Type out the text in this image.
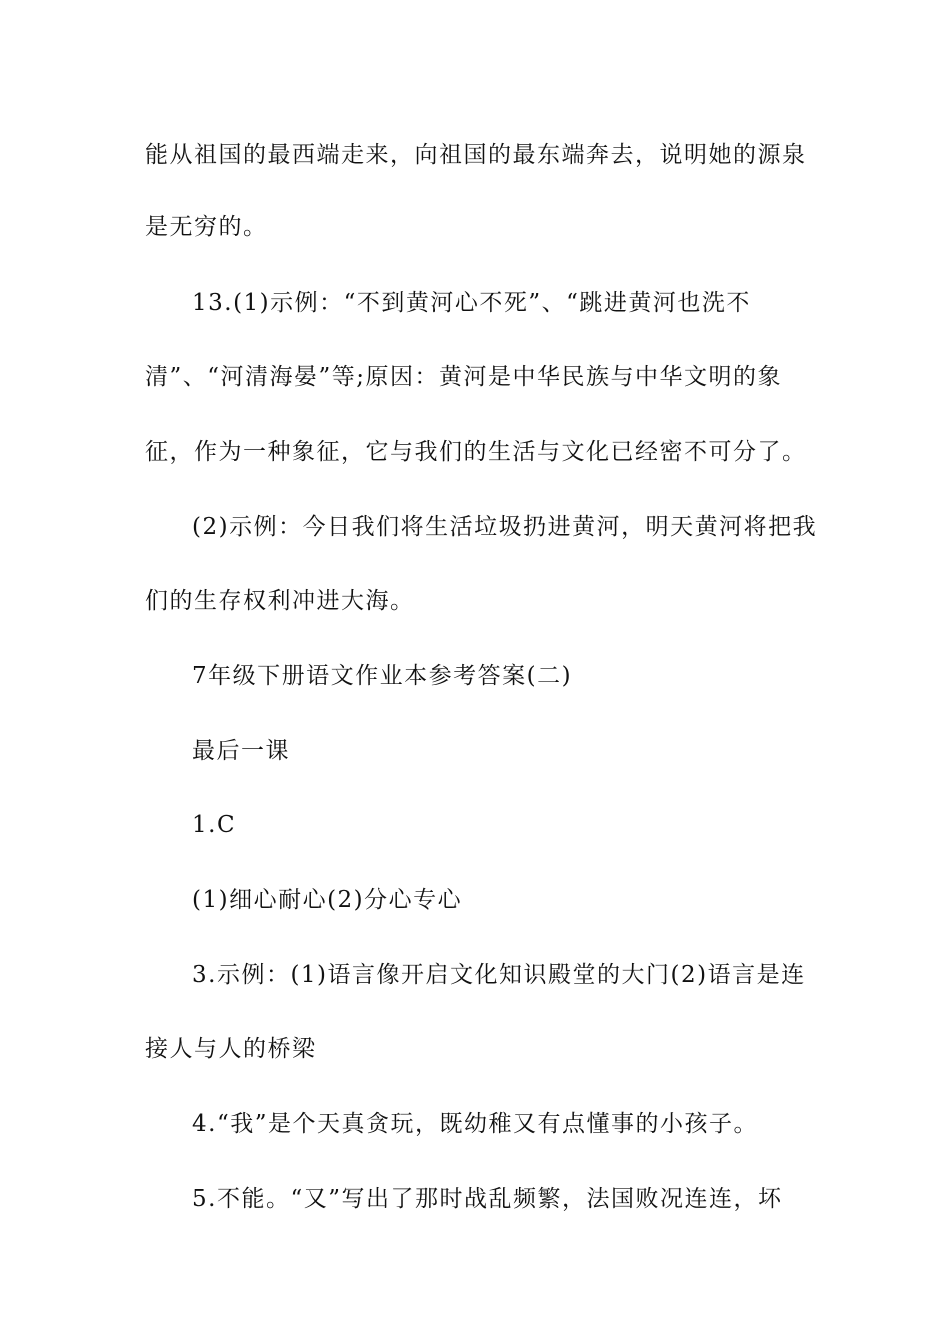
能从祖国的最西端走来，向祖国的最东端奔去，说明她的源泉
是无穷的。
13.(1)示例：“不到黄河心不死”、“跳进黄河也洗不
清”、“河清海晏”等;原因：黄河是中华民族与中华文明的象
征，作为一种象征，它与我们的生活与文化已经密不可分了。
(2)示例：今日我们将生活垃圾扔进黄河，明天黄河将把我
们的生存权利冲进大海。
7年级下册语文作业本参考答案(二)
最后一课
1.C
(1)细心耐心(2)分心专心
3.示例：(1)语言像开启文化知识殿堂的大门(2)语言是连
接人与人的桥梁
4.“我”是个天真贪玩，既幼稚又有点懂事的小孩子。
5.不能。“又”写出了那时战乱频繁，法国败况连连，坏
